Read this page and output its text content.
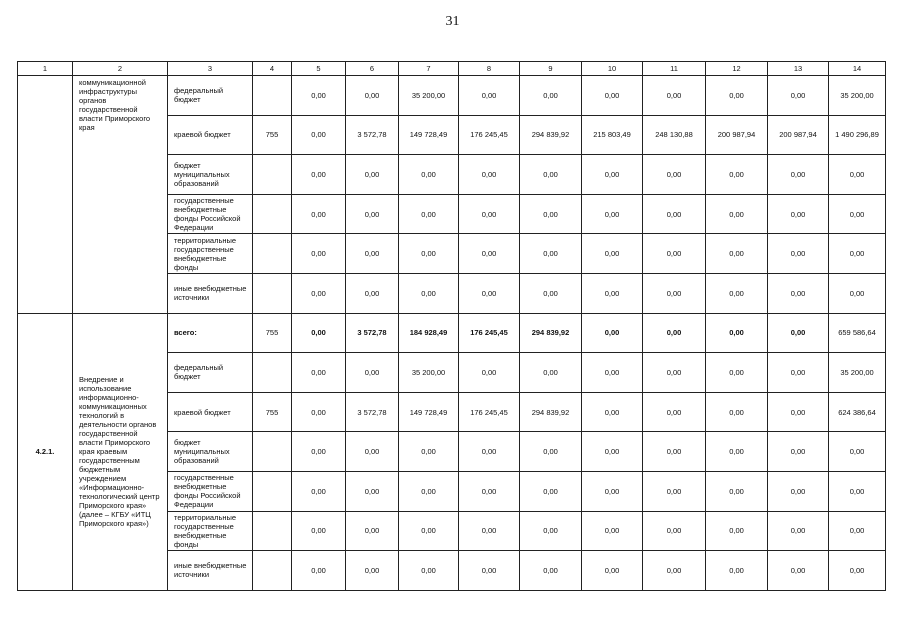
31
1	2	3	4	5	6	7	8	9	10	11	12	13	14
	коммуникационной инфраструктуры органов государственной власти Приморского края	федеральный бюджет		0,00	0,00	35 200,00	0,00	0,00	0,00	0,00	0,00	0,00	35 200,00
		краевой бюджет	755	0,00	3 572,78	149 728,49	176 245,45	294 839,92	215 803,49	248 130,88	200 987,94	200 987,94	1 490 296,89
		бюджет муниципальных образований		0,00	0,00	0,00	0,00	0,00	0,00	0,00	0,00	0,00	0,00
		государственные внебюджетные фонды Российской Федерации		0,00	0,00	0,00	0,00	0,00	0,00	0,00	0,00	0,00	0,00
		территориальные государственные внебюджетные фонды		0,00	0,00	0,00	0,00	0,00	0,00	0,00	0,00	0,00	0,00
		иные внебюджетные источники		0,00	0,00	0,00	0,00	0,00	0,00	0,00	0,00	0,00	0,00
4.2.1.	Внедрение и использование информационно-коммуникационных технологий в деятельности органов государственной власти Приморского края краевым государственным бюджетным учреждением «Информационно-технологический центр Приморского края» (далее – КГБУ «ИТЦ Приморского края»)	всего:	755	0,00	3 572,78	184 928,49	176 245,45	294 839,92	0,00	0,00	0,00	0,00	659 586,64
		федеральный бюджет		0,00	0,00	35 200,00	0,00	0,00	0,00	0,00	0,00	0,00	35 200,00
		краевой бюджет	755	0,00	3 572,78	149 728,49	176 245,45	294 839,92	0,00	0,00	0,00	0,00	624 386,64
		бюджет муниципальных образований		0,00	0,00	0,00	0,00	0,00	0,00	0,00	0,00	0,00	0,00
		государственные внебюджетные фонды Российской Федерации		0,00	0,00	0,00	0,00	0,00	0,00	0,00	0,00	0,00	0,00
		территориальные государственные внебюджетные фонды		0,00	0,00	0,00	0,00	0,00	0,00	0,00	0,00	0,00	0,00
		иные внебюджетные источники		0,00	0,00	0,00	0,00	0,00	0,00	0,00	0,00	0,00	0,00
